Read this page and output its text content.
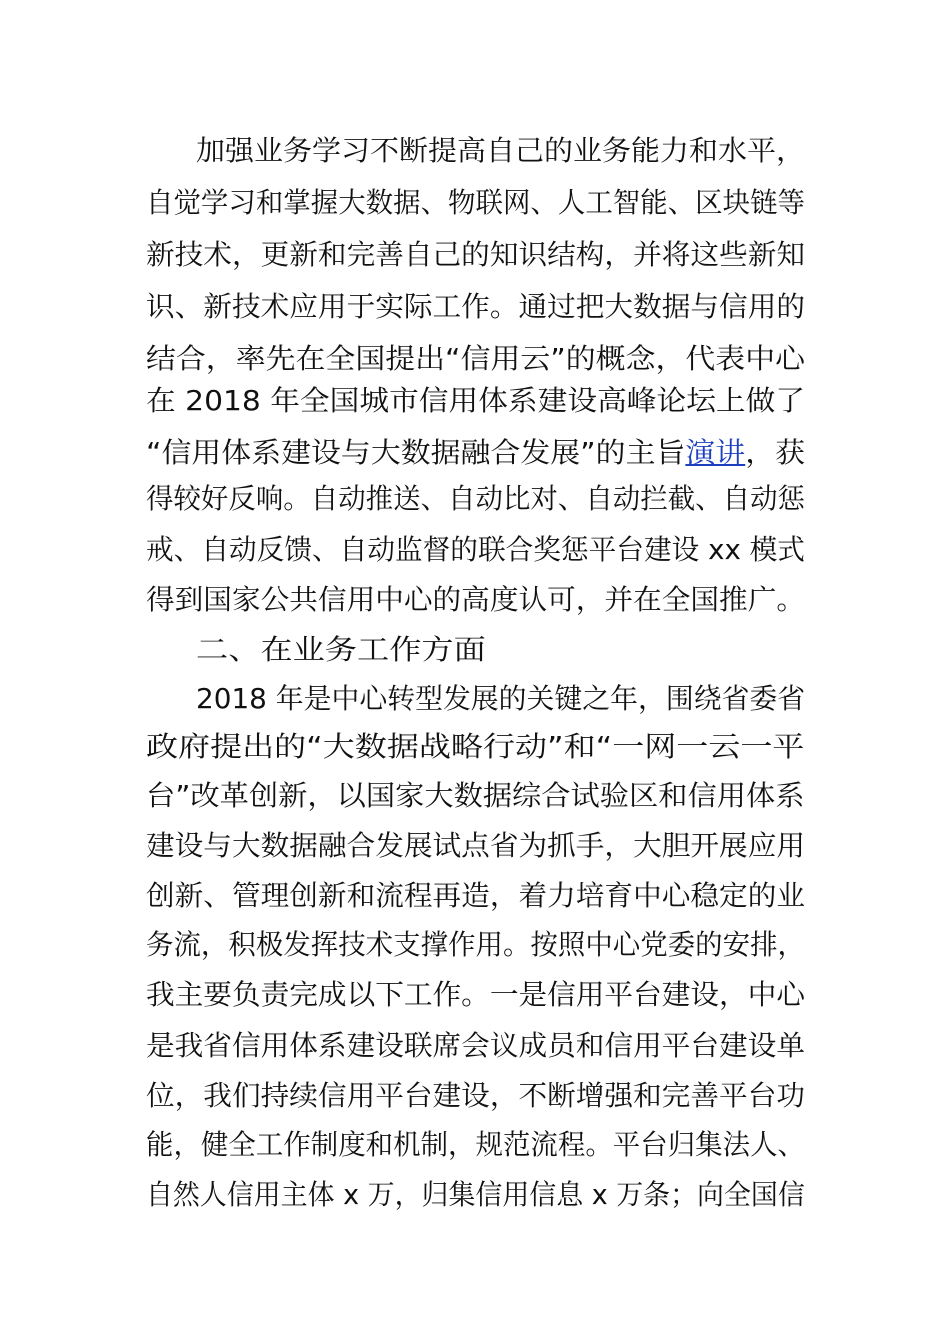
加强业务学习不断提高自己的业务能力和水平，
自觉学习和掌握大数据、物联网、人工智能、区块链等
新技术，更新和完善自己的知识结构，并将这些新知
识、新技术应用于实际工作。通过把大数据与信用的
结合，率先在全国提出“信用云”的概念，代表中心
在 2018 年全国城市信用体系建设高峰论坛上做了
“信用体系建设与大数据融合发展”的主旨演讲，获
得较好反响。自动推送、自动比对、自动拦截、自动惩
戒、自动反馈、自动监督的联合奖惩平台建设 xx 模式
得到国家公共信用中心的高度认可，并在全国推广。
二、在业务工作方面
2018 年是中心转型发展的关键之年，围绕省委省
政府提出的“大数据战略行动”和“一网一云一平
台”改革创新，以国家大数据综合试验区和信用体系
建设与大数据融合发展试点省为抓手，大胆开展应用
创新、管理创新和流程再造，着力培育中心稳定的业
务流，积极发挥技术支撑作用。按照中心党委的安排，
我主要负责完成以下工作。一是信用平台建设，中心
是我省信用体系建设联席会议成员和信用平台建设单
位，我们持续信用平台建设，不断增强和完善平台功
能，健全工作制度和机制，规范流程。平台归集法人、
自然人信用主体 x 万，归集信用信息 x 万条；向全国信
